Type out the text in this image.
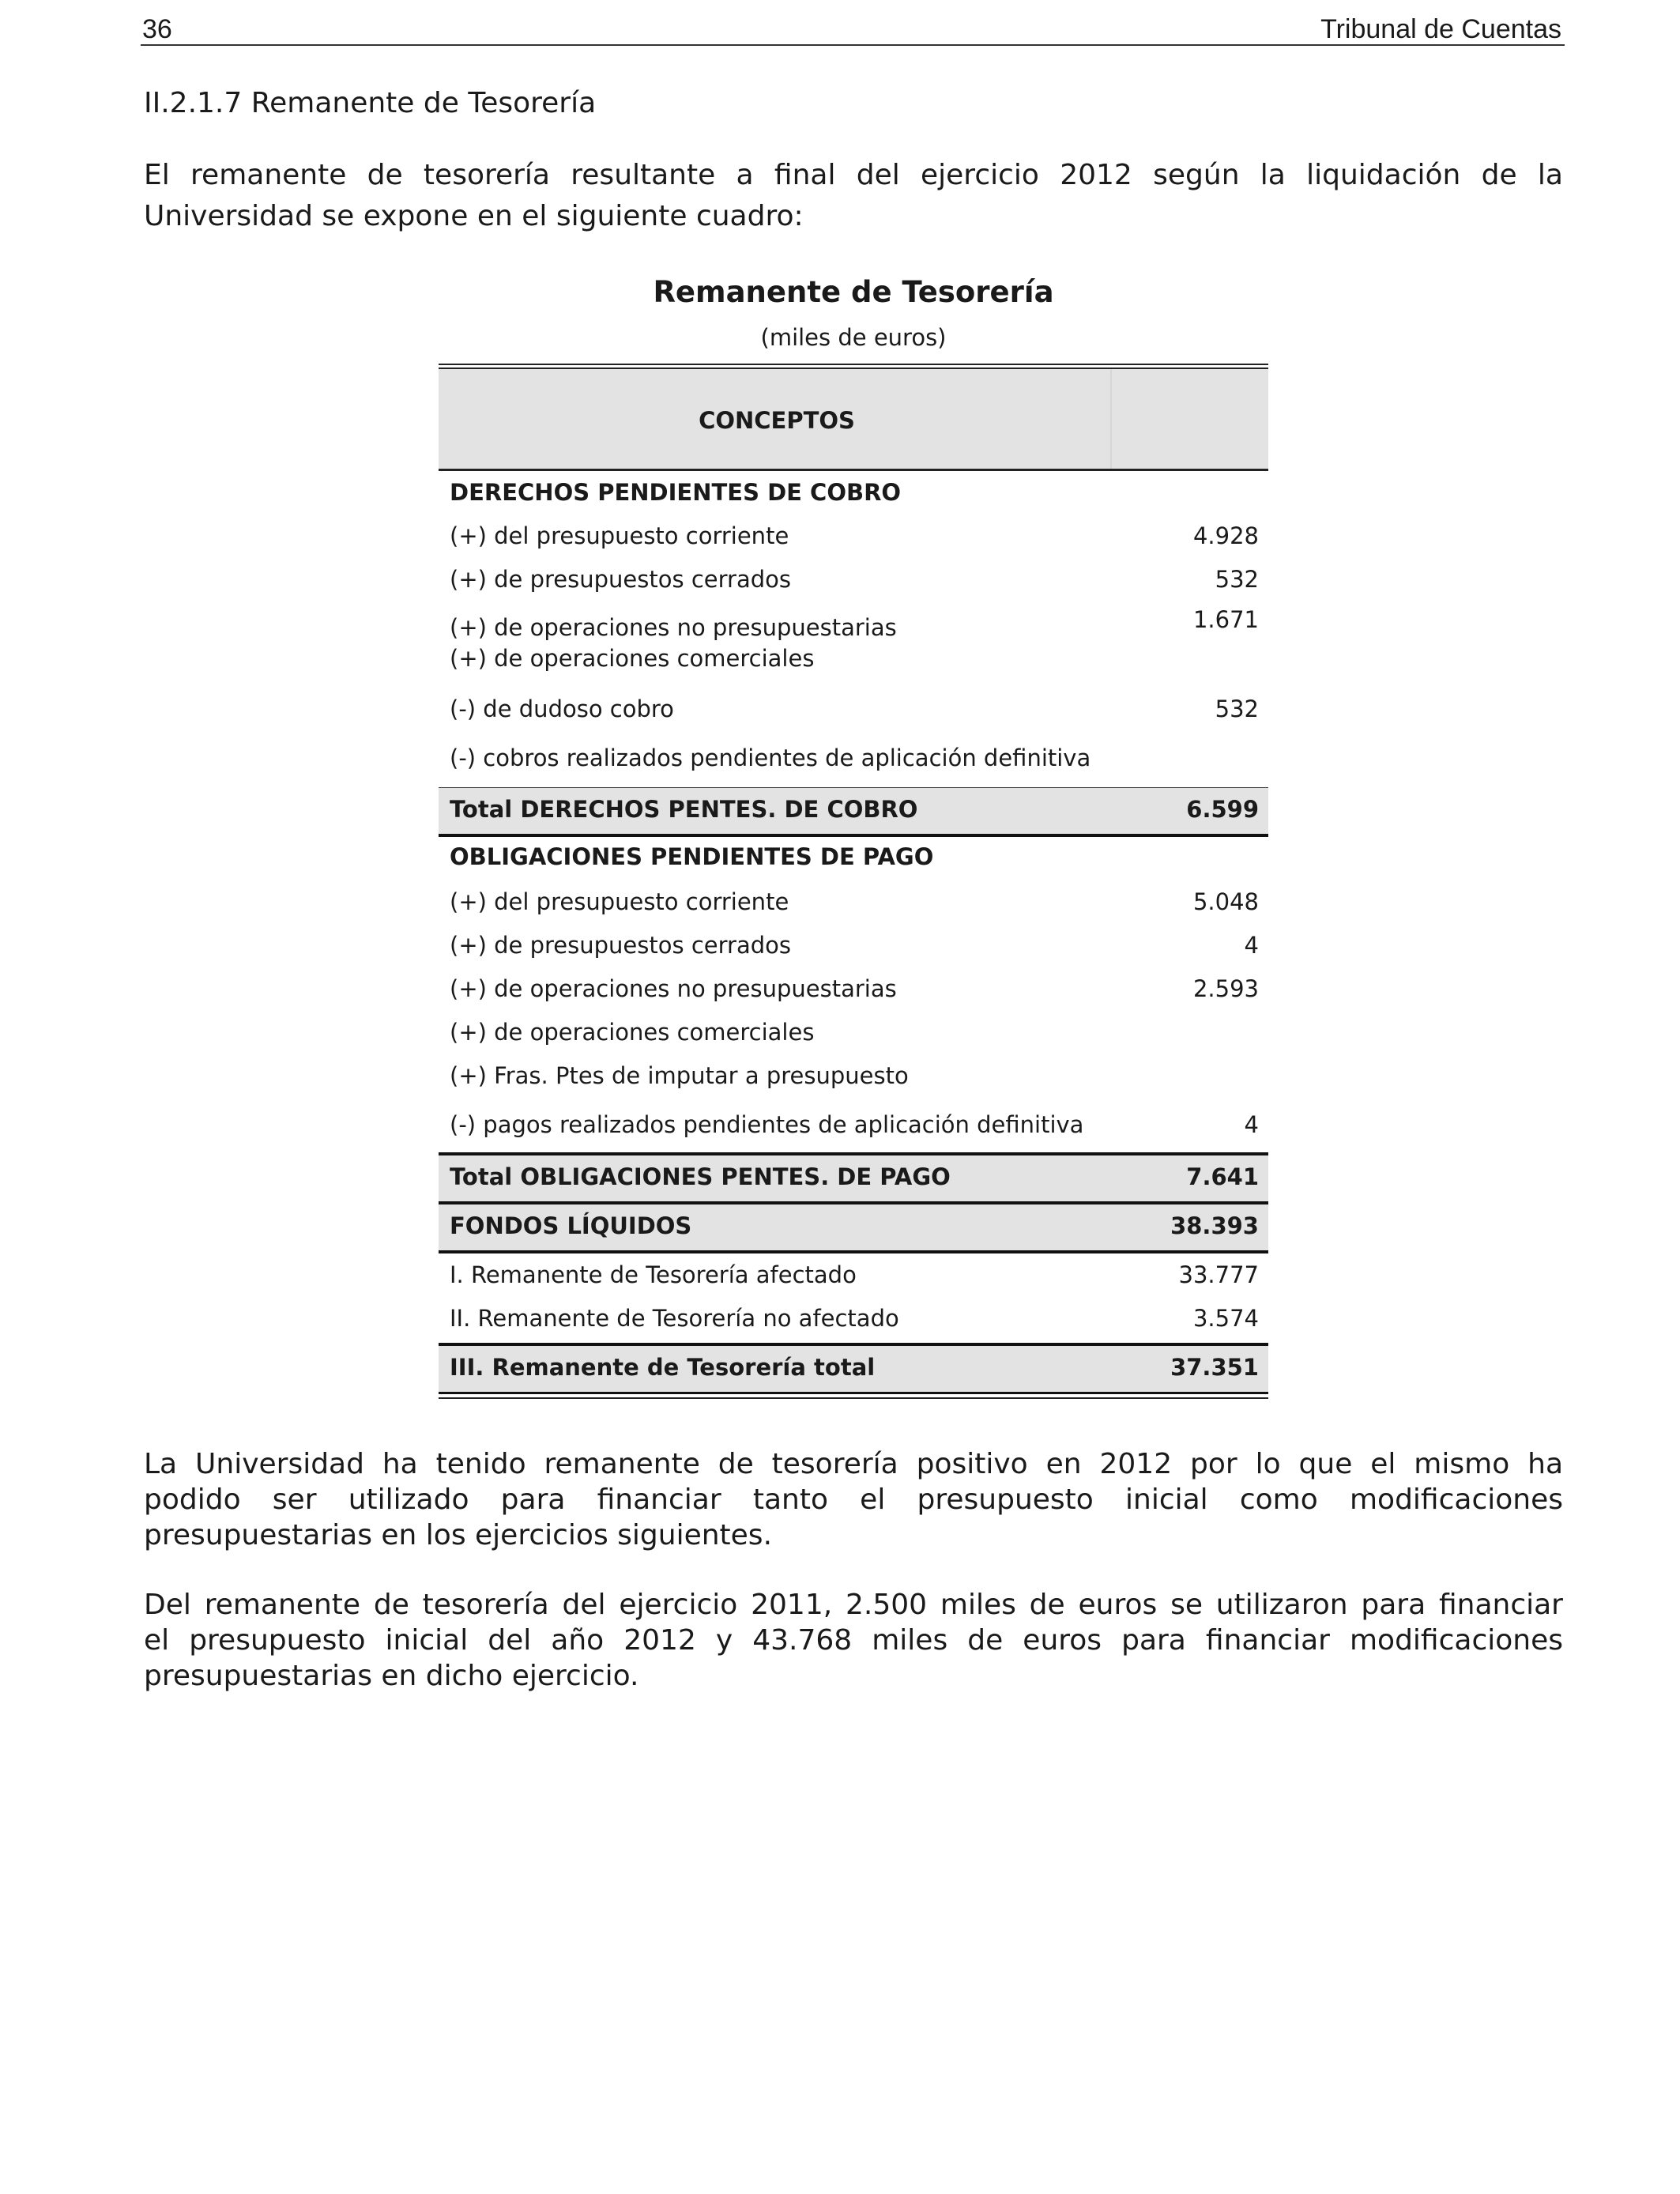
36	Tribunal de Cuentas
II.2.1.7 Remanente de Tesorería

El remanente de tesorería resultante a final del ejercicio 2012 según la liquidación de la
Universidad se expone en el siguiente cuadro:

Remanente de Tesorería
(miles de euros)
CONCEPTOS
DERECHOS PENDIENTES DE COBRO
(+) del presupuesto corriente	4.928
(+) de presupuestos cerrados	532
(+) de operaciones no presupuestarias	1.671
(+) de operaciones comerciales
(-) de dudoso cobro	532
(-) cobros realizados pendientes de aplicación definitiva
Total DERECHOS PENTES. DE COBRO	6.599
OBLIGACIONES PENDIENTES DE PAGO
(+) del presupuesto corriente	5.048
(+) de presupuestos cerrados	4
(+) de operaciones no presupuestarias	2.593
(+) de operaciones comerciales
(+) Fras. Ptes de imputar a presupuesto
(-) pagos realizados pendientes de aplicación definitiva	4
Total OBLIGACIONES PENTES. DE PAGO	7.641
FONDOS LÍQUIDOS	38.393
I. Remanente de Tesorería afectado	33.777
II. Remanente de Tesorería no afectado	3.574
III. Remanente de Tesorería total	37.351

La Universidad ha tenido remanente de tesorería positivo en 2012 por lo que el mismo ha
podido ser utilizado para financiar tanto el presupuesto inicial como modificaciones
presupuestarias en los ejercicios siguientes.

Del remanente de tesorería del ejercicio 2011, 2.500 miles de euros se utilizaron para financiar
el presupuesto inicial del año 2012 y 43.768 miles de euros para financiar modificaciones
presupuestarias en dicho ejercicio.
